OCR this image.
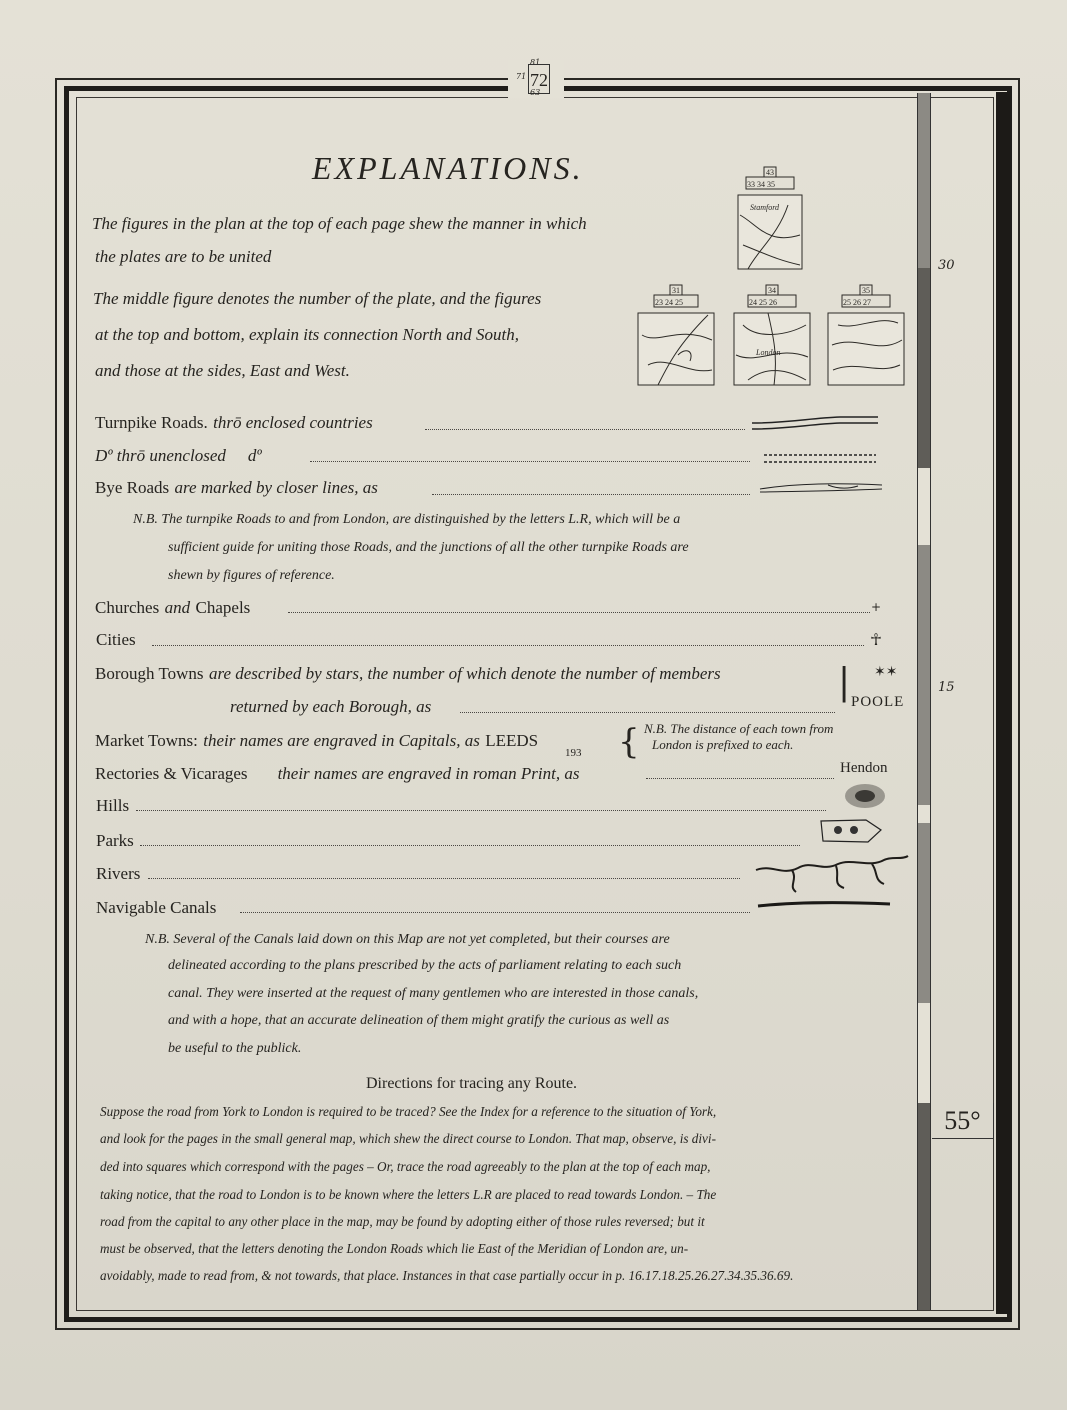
30
15
55°
81
71 72
63
EXPLANATIONS.
The figures in the plan at the top of each page shew the manner in which
the plates are to be united
The middle figure denotes the number of the plate, and the figures
at the top and bottom, explain its connection North and South,
and those at the sides, East and West.
43
33 34 35
Stamford
31
23 24 25
34
24 25 26
London
35
25 26 27
Turnpike Roads. thrō enclosed countries
Dº thrō unenclosed dº
Bye Roads are marked by closer lines, as
N.B. The turnpike Roads to and from London, are distinguished by the letters L.R, which will be a
sufficient guide for uniting those Roads, and the junctions of all the other turnpike Roads are
shewn by figures of reference.
Churches and Chapels	+
Cities	☥
Borough Towns are described by stars, the number of which denote the number of members
returned by each Borough, as
| ✶✶
POOLE
Market Towns: their names are engraved in Capitals, as LEEDS
193 { N.B. The distance of each town from
London is prefixed to each.
Rectories & Vicarages their names are engraved in roman Print, as	Hendon
Hills
Parks
Rivers
Navigable Canals
N.B. Several of the Canals laid down on this Map are not yet completed, but their courses are
delineated according to the plans prescribed by the acts of parliament relating to each such
canal. They were inserted at the request of many gentlemen who are interested in those canals,
and with a hope, that an accurate delineation of them might gratify the curious as well as
be useful to the publick.
Directions for tracing any Route.
Suppose the road from York to London is required to be traced? See the Index for a reference to the situation of York,
and look for the pages in the small general map, which shew the direct course to London. That map, observe, is divi-
ded into squares which correspond with the pages – Or, trace the road agreeably to the plan at the top of each map,
taking notice, that the road to London is to be known where the letters L.R are placed to read towards London. – The
road from the capital to any other place in the map, may be found by adopting either of those rules reversed; but it
must be observed, that the letters denoting the London Roads which lie East of the Meridian of London are, un-
avoidably, made to read from, & not towards, that place. Instances in that case partially occur in p. 16.17.18.25.26.27.34.35.36.69.
